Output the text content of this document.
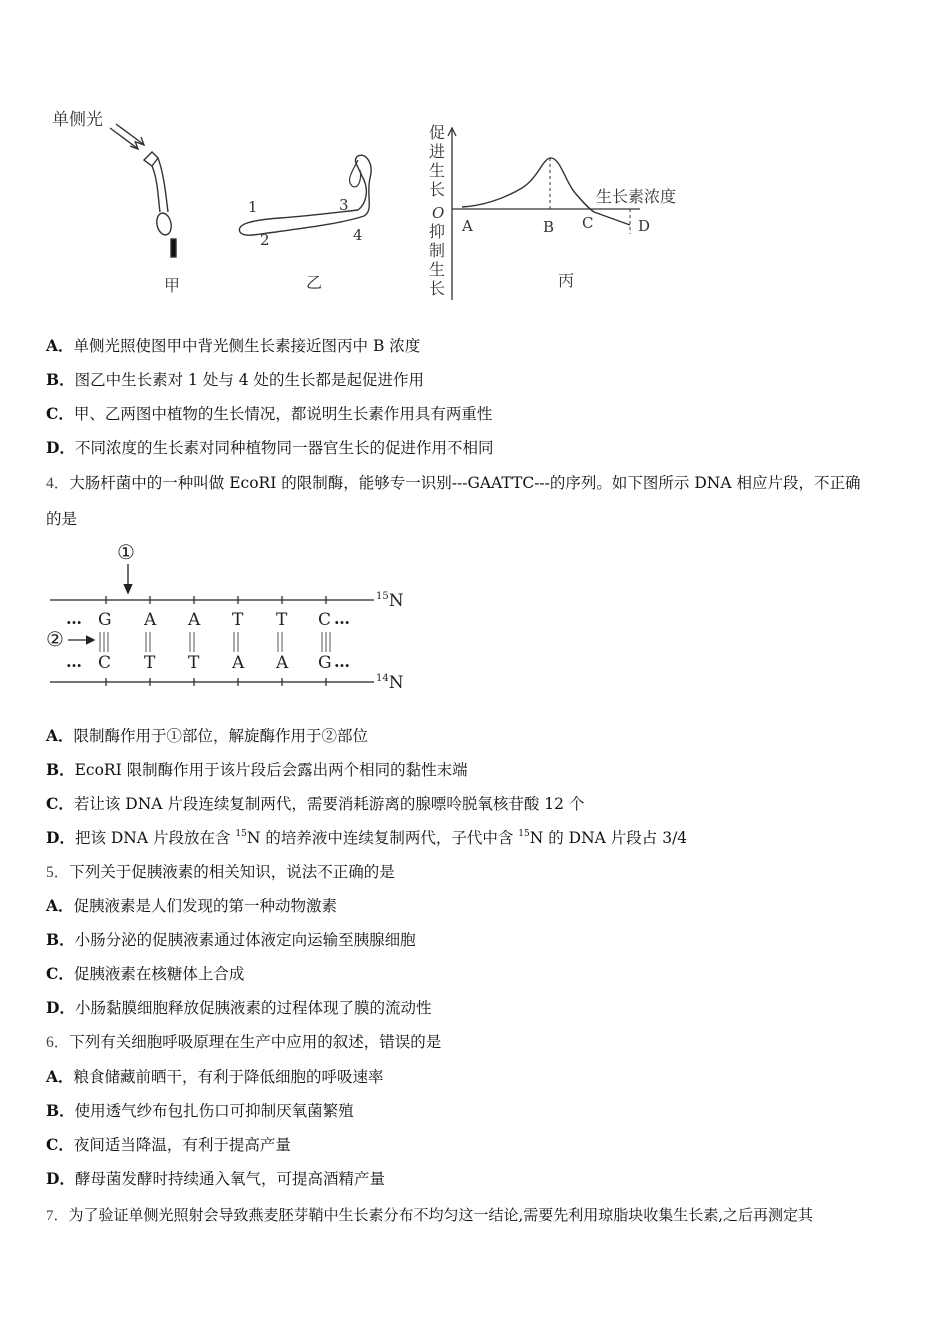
单侧光
甲
1
2
3
4
乙
促 进 生 长
O
抑 制 生 长
生长素浓度
A	B C	D
丙
A．单侧光照使图甲中背光侧生长素接近图丙中 B 浓度
B．图乙中生长素对 1 处与 4 处的生长都是起促进作用
C．甲、乙两图中植物的生长情况，都说明生长素作用具有两重性
D．不同浓度的生长素对同种植物同一器官生长的促进作用不相同
4．大肠杆菌中的一种叫做 EcoRI 的限制酶，能够专一识别---GAATTC---的序列。如下图所示 DNA 相应片段，不正确
的是
①
… G A A T T C …
②
… C T T A A G …
$^{15}$N
$^{14}$N
A．限制酶作用于①部位，解旋酶作用于②部位
B．EcoRI 限制酶作用于该片段后会露出两个相同的黏性末端
C．若让该 DNA 片段连续复制两代，需要消耗游离的腺嘌呤脱氧核苷酸 12 个
D．把该 DNA 片段放在含 $^{15}$N 的培养液中连续复制两代，子代中含 $^{15}$N 的 DNA 片段占 3/4
5．下列关于促胰液素的相关知识，说法不正确的是
A．促胰液素是人们发现的第一种动物激素
B．小肠分泌的促胰液素通过体液定向运输至胰腺细胞
C．促胰液素在核糖体上合成
D．小肠黏膜细胞释放促胰液素的过程体现了膜的流动性
6．下列有关细胞呼吸原理在生产中应用的叙述，错误的是
A．粮食储藏前晒干，有利于降低细胞的呼吸速率
B．使用透气纱布包扎伤口可抑制厌氧菌繁殖
C．夜间适当降温，有利于提高产量
D．酵母菌发酵时持续通入氧气，可提高酒精产量
7．为了验证单侧光照射会导致燕麦胚芽鞘中生长素分布不均匀这一结论,需要先利用琼脂块收集生长素,之后再测定其
